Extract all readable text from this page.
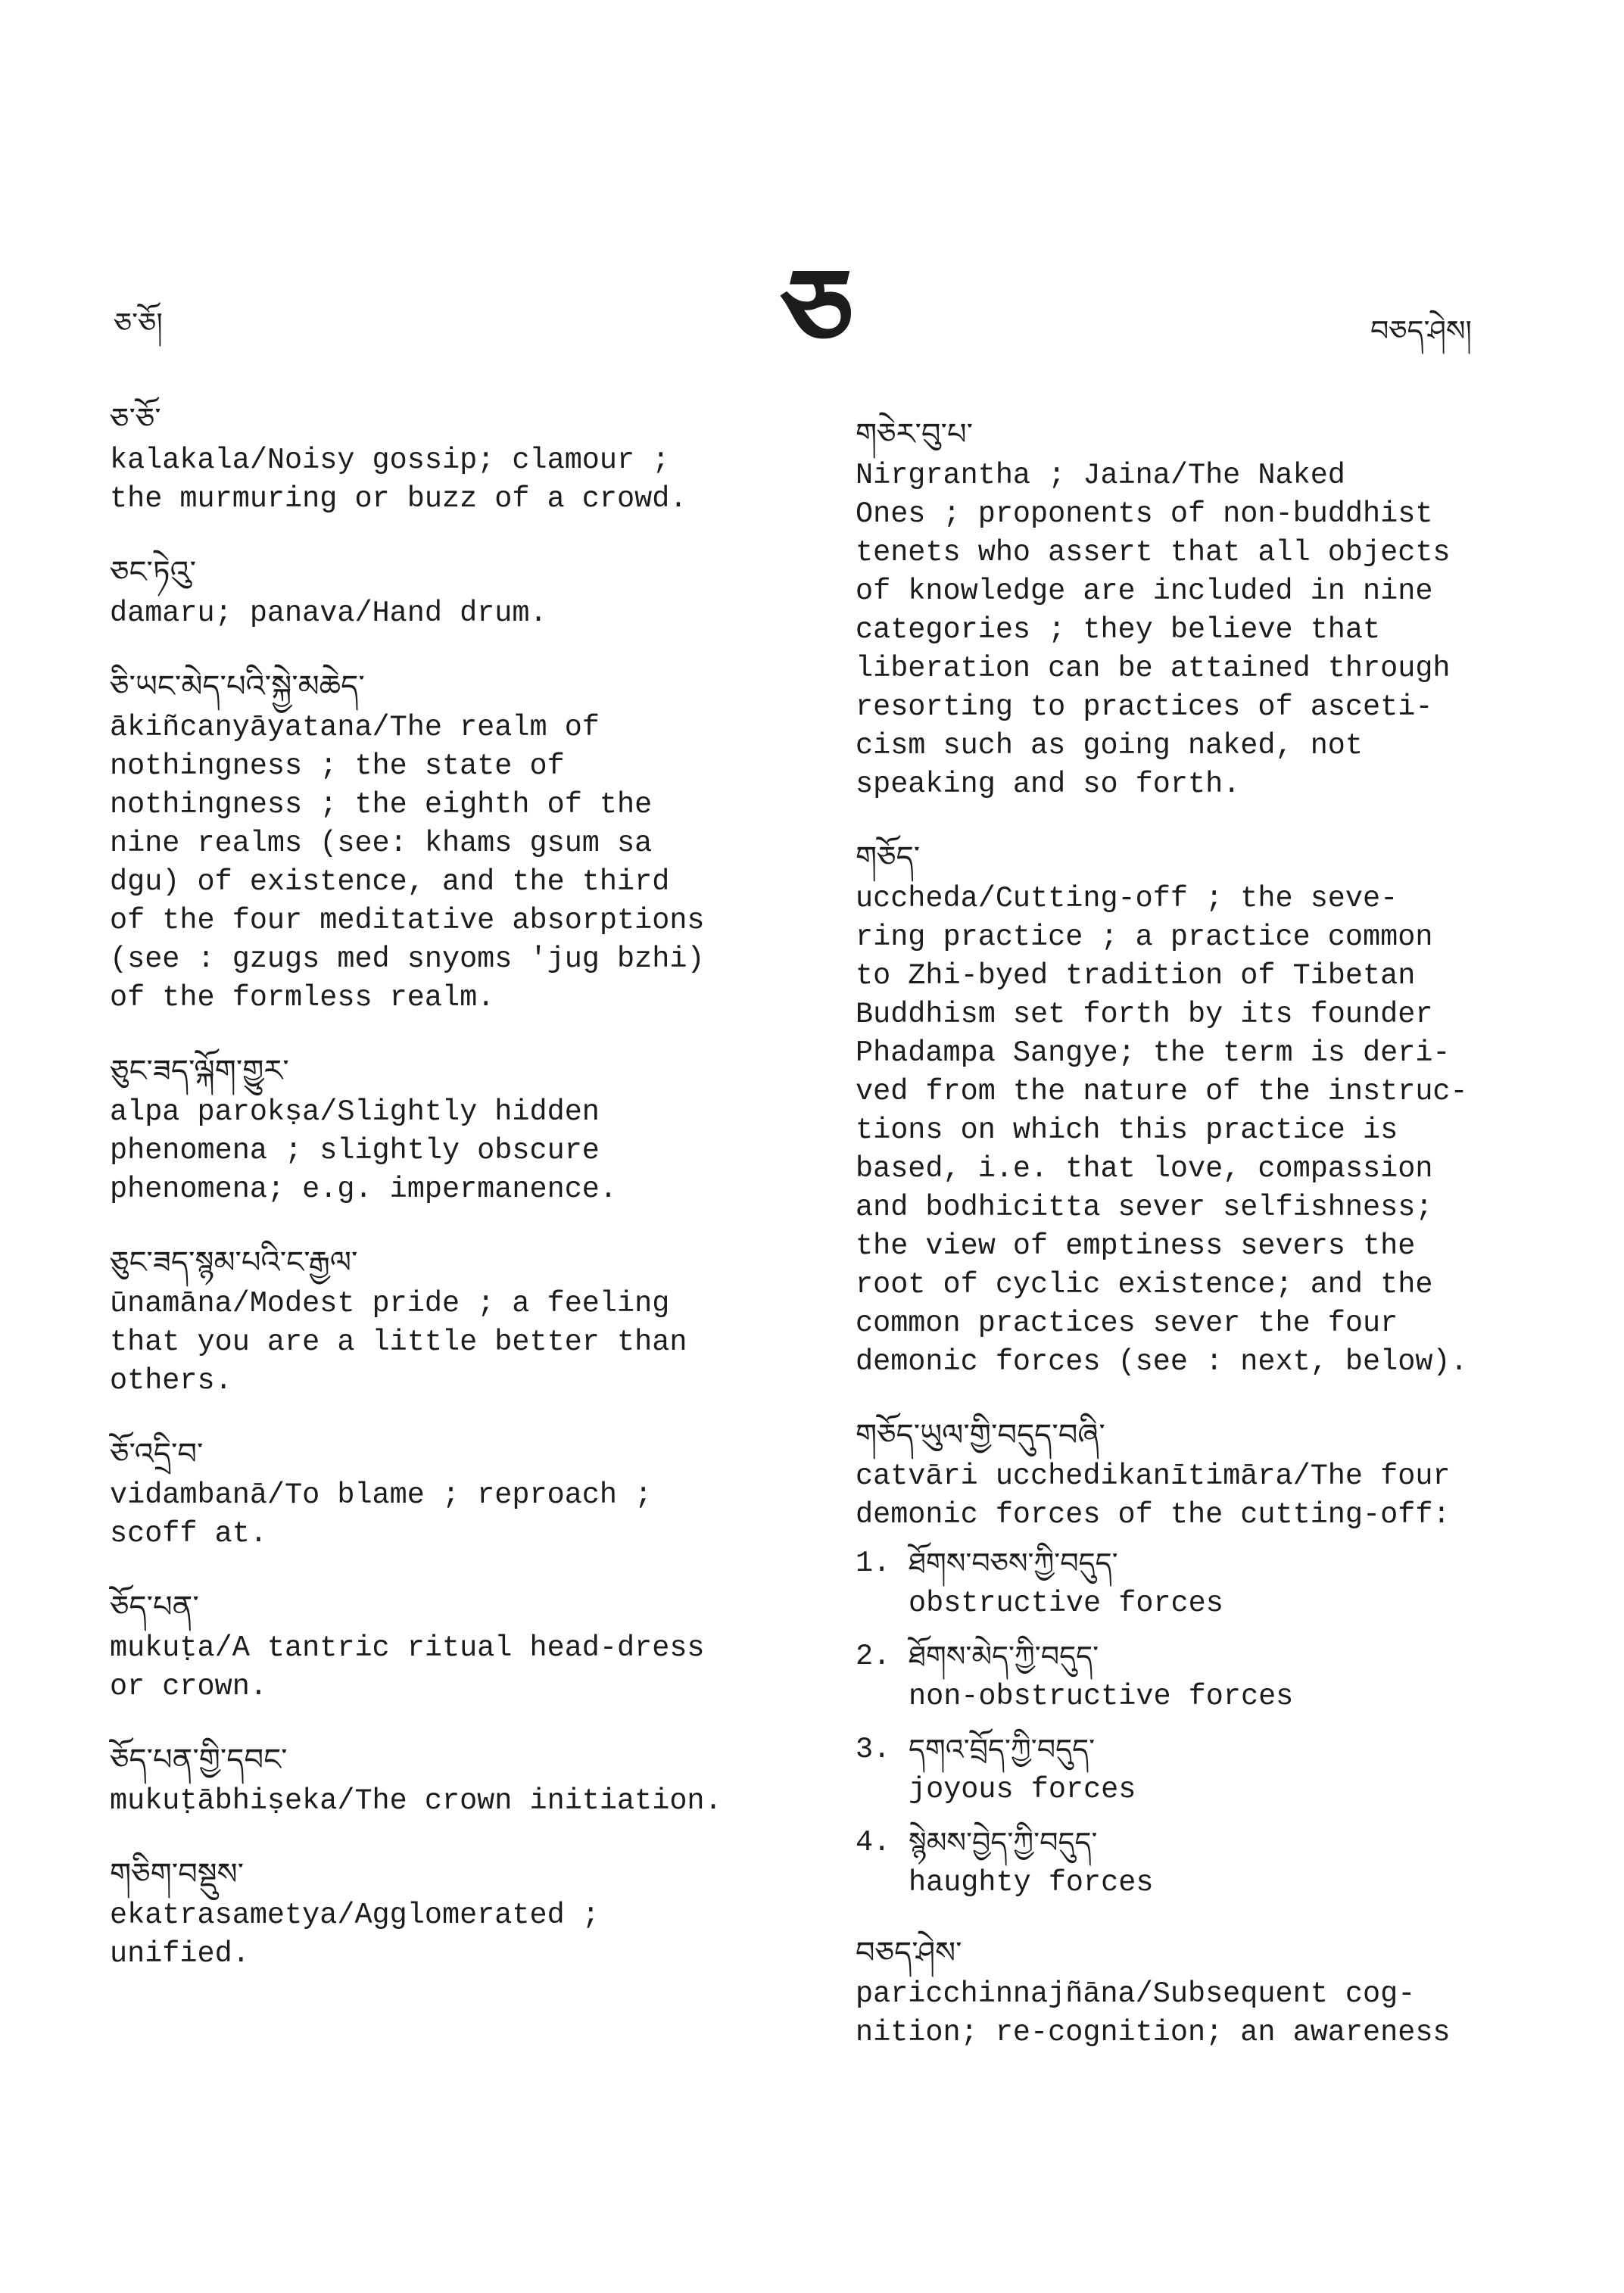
ཅ་ཅོ།	ཅ	བཅད་ཤེས།
ཅ་ཅོ་
kalakala/Noisy gossip; clamour ;
the murmuring or buzz of a crowd.
ཅང་ཏེའུ་
damaru; panava/Hand drum.
ཅི་ཡང་མེད་པའི་སྐྱེ་མཆེད་
ākiñcanyāyatana/The realm of
nothingness ; the state of
nothingness ; the eighth of the
nine realms (see: khams gsum sa
dgu) of existence, and the third
of the four meditative absorptions
(see : gzugs med snyoms 'jug bzhi)
of the formless realm.
ཅུང་ཟད་ལྐོག་གྱུར་
alpa parokṣa/Slightly hidden
phenomena ; slightly obscure
phenomena; e.g. impermanence.
ཅུང་ཟད་སྙམ་པའི་ང་རྒྱལ་
ūnamāna/Modest pride ; a feeling
that you are a little better than
others.
ཅོ་འདྲི་བ་
vidambanā/To blame ; reproach ;
scoff at.
ཅོད་པན་
mukuṭa/A tantric ritual head-dress
or crown.
ཅོད་པན་གྱི་དབང་
mukuṭābhiṣeka/The crown initiation.
གཅིག་བསྡུས་
ekatrasametya/Agglomerated ;
unified.
གཅེར་བུ་པ་
Nirgrantha ; Jaina/The Naked
Ones ; proponents of non-buddhist
tenets who assert that all objects
of knowledge are included in nine
categories ; they believe that
liberation can be attained through
resorting to practices of asceti-
cism such as going naked, not
speaking and so forth.
གཅོད་
uccheda/Cutting-off ; the seve-
ring practice ; a practice common
to Zhi-byed tradition of Tibetan
Buddhism set forth by its founder
Phadampa Sangye; the term is deri-
ved from the nature of the instruc-
tions on which this practice is
based, i.e. that love, compassion
and bodhicitta sever selfishness;
the view of emptiness severs the
root of cyclic existence; and the
common practices sever the four
demonic forces (see : next, below).
གཅོད་ཡུལ་གྱི་བདུད་བཞི་
catvāri ucchedikanītimāra/The four
demonic forces of the cutting-off:
1. ཐོགས་བཅས་ཀྱི་བདུད་
obstructive forces
2. ཐོགས་མེད་ཀྱི་བདུད་
non-obstructive forces
3. དགའ་བྲོད་ཀྱི་བདུད་
joyous forces
4. སྙེམས་བྱེད་ཀྱི་བདུད་
haughty forces
བཅད་ཤེས་
paricchinnajñāna/Subsequent cog-
nition; re-cognition; an awareness
